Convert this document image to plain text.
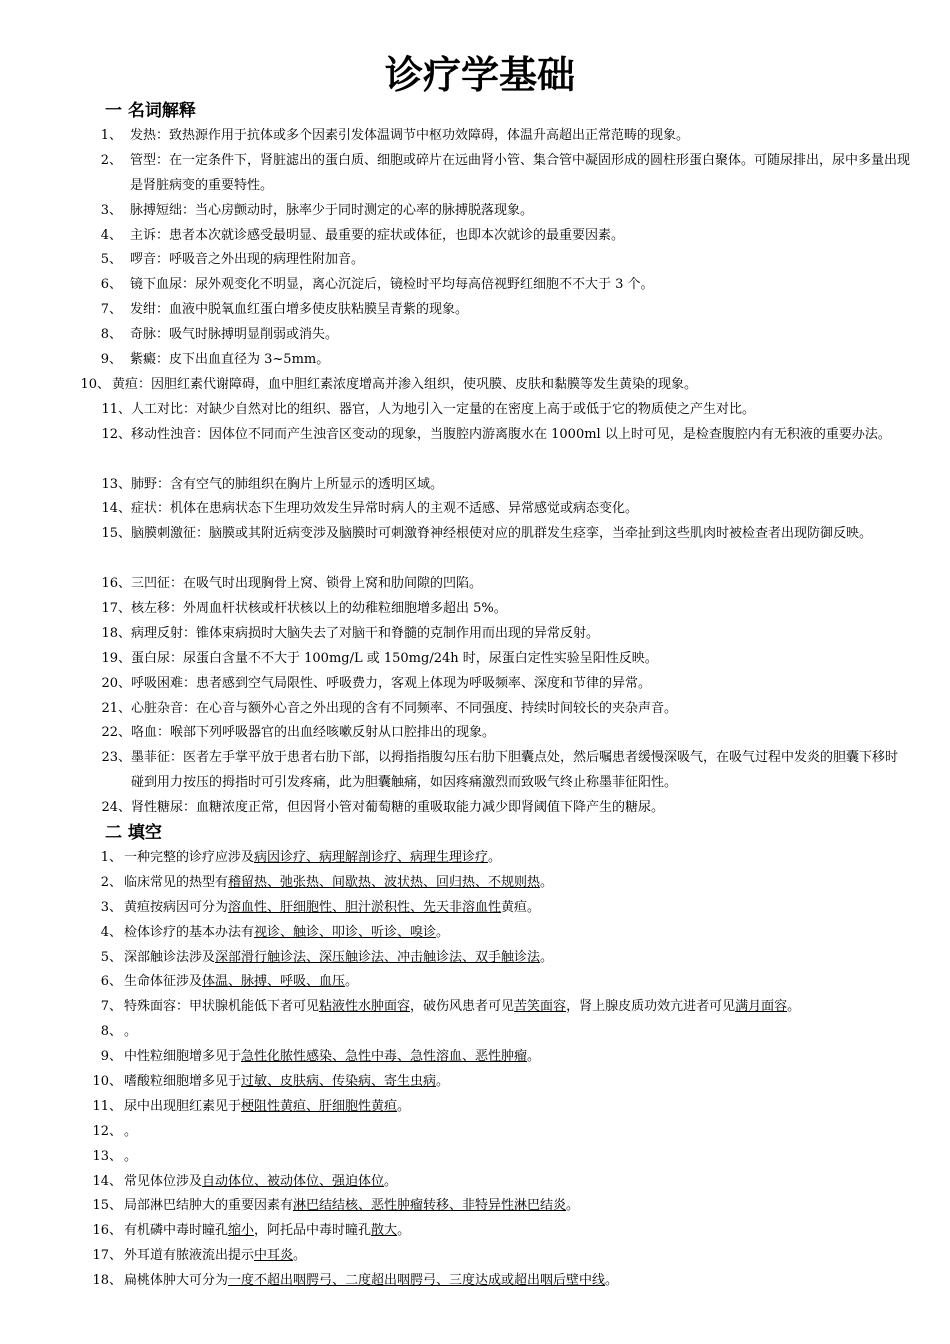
诊疗学基础
一 名词解释
1、 发热：致热源作用于抗体或多个因素引发体温调节中枢功效障碍，体温升高超出正常范畴的现象。
2、 管型：在一定条件下，肾脏滤出的蛋白质、细胞或碎片在远曲肾小管、集合管中凝固形成的圆柱形蛋白聚体。可随尿排出，尿中多量出现是肾脏病变的重要特性。
3、 脉搏短绌：当心房颤动时，脉率少于同时测定的心率的脉搏脱落现象。
4、 主诉：患者本次就诊感受最明显、最重要的症状或体征，也即本次就诊的最重要因素。
5、 啰音：呼吸音之外出现的病理性附加音。
6、 镜下血尿：尿外观变化不明显，离心沉淀后，镜检时平均每高倍视野红细胞不不大于 3 个。
7、 发绀：血液中脱氧血红蛋白增多使皮肤粘膜呈青紫的现象。
8、 奇脉：吸气时脉搏明显削弱或消失。
9、 紫癜：皮下出血直径为 3~5mm。
10、 黄疸：因胆红素代谢障碍，血中胆红素浓度增高并渗入组织，使巩膜、皮肤和黏膜等发生黄染的现象。
11、 人工对比：对缺少自然对比的组织、器官，人为地引入一定量的在密度上高于或低于它的物质使之产生对比。
12、 移动性浊音：因体位不同而产生浊音区变动的现象，当腹腔内游离腹水在 1000ml 以上时可见，是检查腹腔内有无积液的重要办法。
13、 肺野：含有空气的肺组织在胸片上所显示的透明区域。
14、 症状：机体在患病状态下生理功效发生异常时病人的主观不适感、异常感觉或病态变化。
15、 脑膜刺激征：脑膜或其附近病变涉及脑膜时可刺激脊神经根使对应的肌群发生痉挛，当牵扯到这些肌肉时被检查者出现防御反映。
16、 三凹征：在吸气时出现胸骨上窝、锁骨上窝和肋间隙的凹陷。
17、 核左移：外周血杆状核或杆状核以上的幼稚粒细胞增多超出 5%。
18、 病理反射：锥体束病损时大脑失去了对脑干和脊髓的克制作用而出现的异常反射。
19、 蛋白尿：尿蛋白含量不不大于 100mg/L 或 150mg/24h 时，尿蛋白定性实验呈阳性反映。
20、 呼吸困难：患者感到空气局限性、呼吸费力，客观上体现为呼吸频率、深度和节律的异常。
21、 心脏杂音：在心音与额外心音之外出现的含有不同频率、不同强度、持续时间较长的夹杂声音。
22、 咯血：喉部下列呼吸器官的出血经咳嗽反射从口腔排出的现象。
23、 墨菲征：医者左手掌平放于患者右肋下部，以拇指指腹勾压右肋下胆囊点处，然后嘱患者缓慢深吸气，在吸气过程中发炎的胆囊下移时碰到用力按压的拇指时可引发疼痛，此为胆囊触痛，如因疼痛激烈而致吸气终止称墨菲征阳性。
24、 肾性糖尿：血糖浓度正常，但因肾小管对葡萄糖的重吸取能力减少即肾阈值下降产生的糖尿。
二 填空
1、 一种完整的诊疗应涉及病因诊疗、病理解剖诊疗、病理生理诊疗。
2、 临床常见的热型有稽留热、弛张热、间歇热、波状热、回归热、不规则热。
3、 黄疸按病因可分为溶血性、肝细胞性、胆汁淤积性、先天非溶血性黄疸。
4、 检体诊疗的基本办法有视诊、触诊、叩诊、听诊、嗅诊。
5、 深部触诊法涉及深部滑行触诊法、深压触诊法、冲击触诊法、双手触诊法。
6、 生命体征涉及体温、脉搏、呼吸、血压。
7、 特殊面容：甲状腺机能低下者可见粘液性水肿面容，破伤风患者可见苦笑面容，肾上腺皮质功效亢进者可见满月面容。
8、 。
9、 中性粒细胞增多见于急性化脓性感染、急性中毒、急性溶血、恶性肿瘤。
10、 嗜酸粒细胞增多见于过敏、皮肤病、传染病、寄生虫病。
11、 尿中出现胆红素见于梗阻性黄疸、肝细胞性黄疸。
12、 。
13、 。
14、 常见体位涉及自动体位、被动体位、强迫体位。
15、 局部淋巴结肿大的重要因素有淋巴结结核、恶性肿瘤转移、非特异性淋巴结炎。
16、 有机磷中毒时瞳孔缩小，阿托品中毒时瞳孔散大。
17、 外耳道有脓液流出提示中耳炎。
18、 扁桃体肿大可分为一度不超出咽腭弓、二度超出咽腭弓、三度达成或超出咽后壁中线。
